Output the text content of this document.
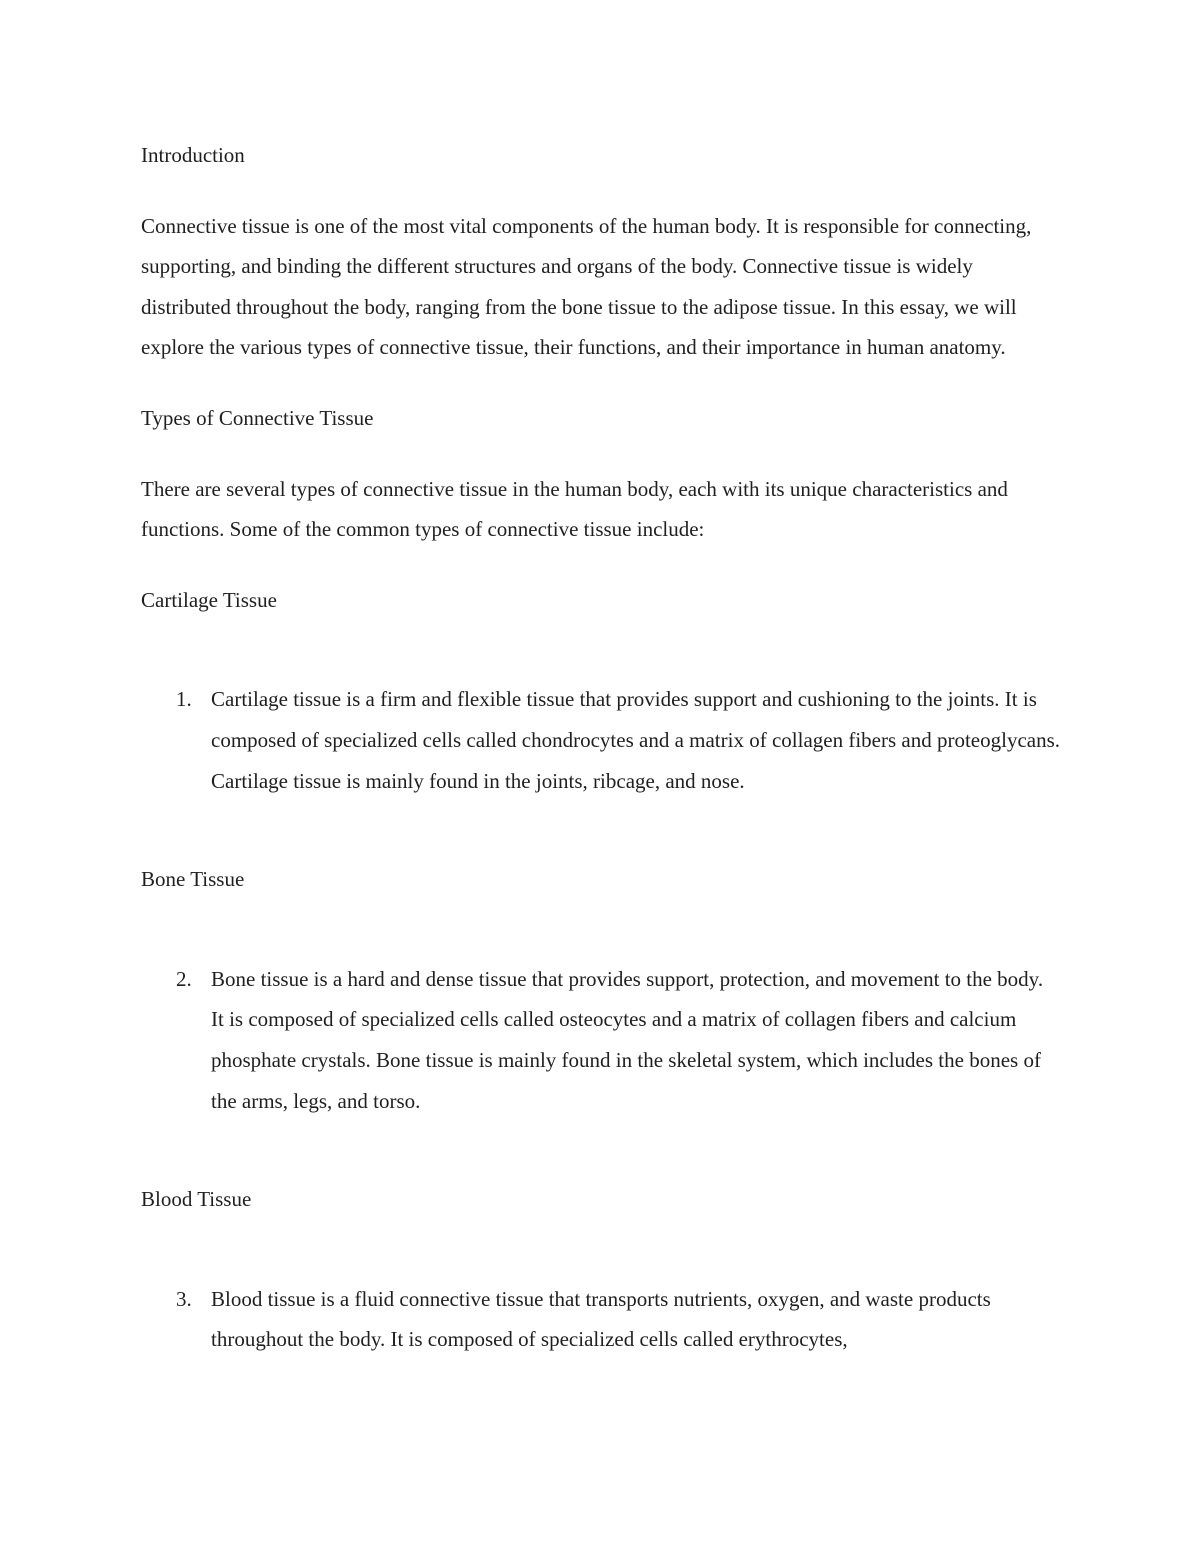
Introduction

Connective tissue is one of the most vital components of the human body. It is responsible for connecting, supporting, and binding the different structures and organs of the body. Connective tissue is widely distributed throughout the body, ranging from the bone tissue to the adipose tissue. In this essay, we will explore the various types of connective tissue, their functions, and their importance in human anatomy.

Types of Connective Tissue

There are several types of connective tissue in the human body, each with its unique characteristics and functions. Some of the common types of connective tissue include:

Cartilage Tissue

1. Cartilage tissue is a firm and flexible tissue that provides support and cushioning to the joints. It is composed of specialized cells called chondrocytes and a matrix of collagen fibers and proteoglycans. Cartilage tissue is mainly found in the joints, ribcage, and nose.

Bone Tissue

2. Bone tissue is a hard and dense tissue that provides support, protection, and movement to the body. It is composed of specialized cells called osteocytes and a matrix of collagen fibers and calcium phosphate crystals. Bone tissue is mainly found in the skeletal system, which includes the bones of the arms, legs, and torso.

Blood Tissue

3. Blood tissue is a fluid connective tissue that transports nutrients, oxygen, and waste products throughout the body. It is composed of specialized cells called erythrocytes,
